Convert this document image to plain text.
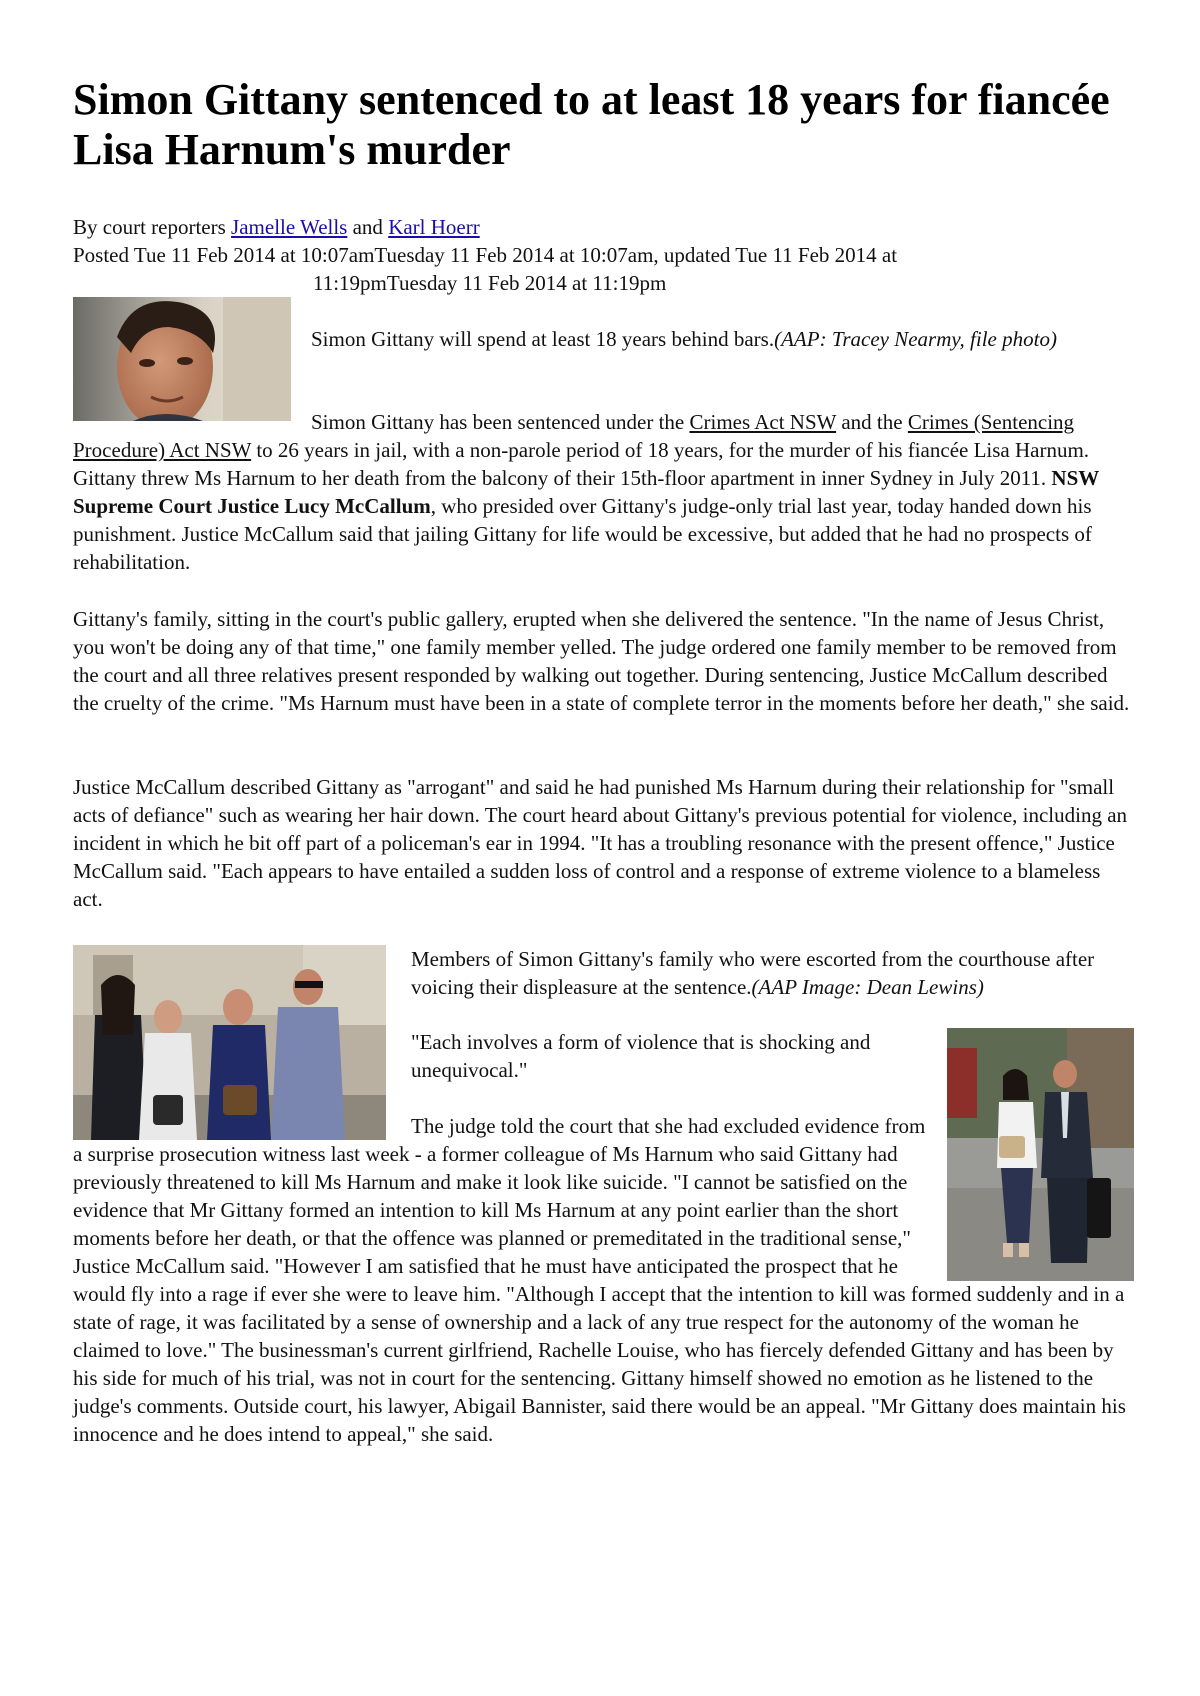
Simon Gittany sentenced to at least 18 years for fiancée Lisa Harnum's murder
By court reporters Jamelle Wells and Karl Hoerr
Posted Tue 11 Feb 2014 at 10:07amTuesday 11 Feb 2014 at 10:07am, updated Tue 11 Feb 2014 at
11:19pmTuesday 11 Feb 2014 at 11:19pm
Simon Gittany will spend at least 18 years behind bars.(AAP: Tracey Nearmy, file photo)

Simon Gittany has been sentenced under the Crimes Act NSW and the Crimes (Sentencing Procedure) Act NSW to 26 years in jail, with a non-parole period of 18 years, for the murder of his fiancée Lisa Harnum. Gittany threw Ms Harnum to her death from the balcony of their 15th-floor apartment in inner Sydney in July 2011. NSW Supreme Court Justice Lucy McCallum, who presided over Gittany's judge-only trial last year, today handed down his punishment. Justice McCallum said that jailing Gittany for life would be excessive, but added that he had no prospects of rehabilitation.

Gittany's family, sitting in the court's public gallery, erupted when she delivered the sentence. "In the name of Jesus Christ, you won't be doing any of that time," one family member yelled. The judge ordered one family member to be removed from the court and all three relatives present responded by walking out together. During sentencing, Justice McCallum described the cruelty of the crime. "Ms Harnum must have been in a state of complete terror in the moments before her death," she said.

Justice McCallum described Gittany as "arrogant" and said he had punished Ms Harnum during their relationship for "small acts of defiance" such as wearing her hair down. The court heard about Gittany's previous potential for violence, including an incident in which he bit off part of a policeman's ear in 1994. "It has a troubling resonance with the present offence," Justice McCallum said. "Each appears to have entailed a sudden loss of control and a response of extreme violence to a blameless act.

Members of Simon Gittany's family who were escorted from the courthouse after voicing their displeasure at the sentence.(AAP Image: Dean Lewins)

"Each involves a form of violence that is shocking and unequivocal."

The judge told the court that she had excluded evidence from a surprise prosecution witness last week - a former colleague of Ms Harnum who said Gittany had previously threatened to kill Ms Harnum and make it look like suicide. "I cannot be satisfied on the evidence that Mr Gittany formed an intention to kill Ms Harnum at any point earlier than the short moments before her death, or that the offence was planned or premeditated in the traditional sense," Justice McCallum said. "However I am satisfied that he must have anticipated the prospect that he would fly into a rage if ever she were to leave him. "Although I accept that the intention to kill was formed suddenly and in a state of rage, it was facilitated by a sense of ownership and a lack of any true respect for the autonomy of the woman he claimed to love." The businessman's current girlfriend, Rachelle Louise, who has fiercely defended Gittany and has been by his side for much of his trial, was not in court for the sentencing. Gittany himself showed no emotion as he listened to the judge's comments. Outside court, his lawyer, Abigail Bannister, said there would be an appeal. "Mr Gittany does maintain his innocence and he does intend to appeal," she said.
